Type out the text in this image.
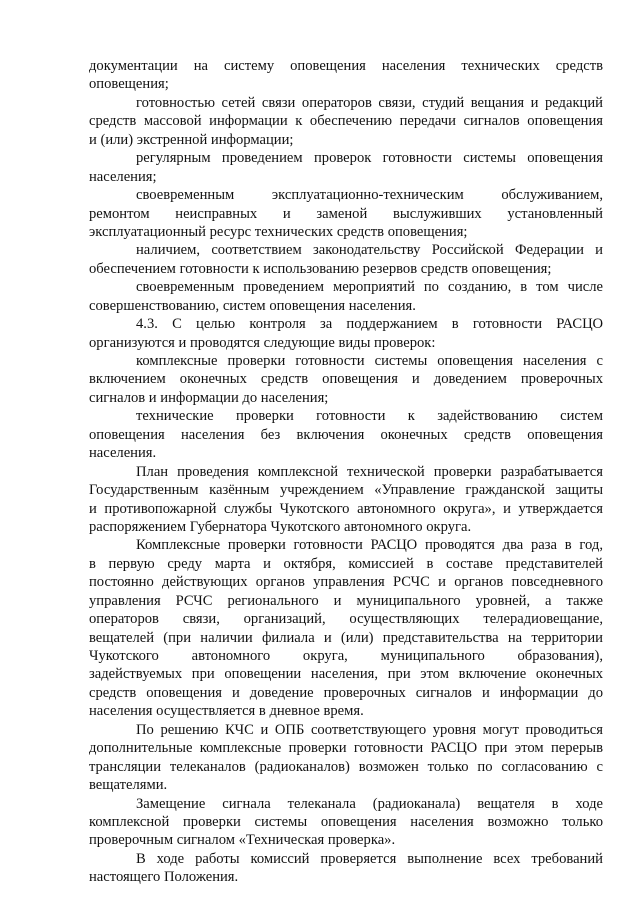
документации на систему оповещения населения технических средств
оповещения;
готовностью сетей связи операторов связи, студий вещания и редакций
средств массовой информации к обеспечению передачи сигналов оповещения
и (или) экстренной информации;
регулярным проведением проверок готовности системы оповещения
населения;
своевременным эксплуатационно-техническим обслуживанием,
ремонтом неисправных и заменой выслуживших установленный
эксплуатационный ресурс технических средств оповещения;
наличием, соответствием законодательству Российской Федерации и
обеспечением готовности к использованию резервов средств оповещения;
своевременным проведением мероприятий по созданию, в том числе
совершенствованию, систем оповещения населения.
4.3. С целью контроля за поддержанием в готовности РАСЦО
организуются и проводятся следующие виды проверок:
комплексные проверки готовности системы оповещения населения с
включением оконечных средств оповещения и доведением проверочных
сигналов и информации до населения;
технические проверки готовности к задействованию систем
оповещения населения без включения оконечных средств оповещения
населения.
План проведения комплексной технической проверки разрабатывается
Государственным казённым учреждением «Управление гражданской защиты
и противопожарной службы Чукотского автономного округа», и утверждается
распоряжением Губернатора Чукотского автономного округа.
Комплексные проверки готовности РАСЦО проводятся два раза в год,
в первую среду марта и октября, комиссией в составе представителей
постоянно действующих органов управления РСЧС и органов повседневного
управления РСЧС регионального и муниципального уровней, а также
операторов связи, организаций, осуществляющих телерадиовещание,
вещателей (при наличии филиала и (или) представительства на территории
Чукотского автономного округа, муниципального образования),
задействуемых при оповещении населения, при этом включение оконечных
средств оповещения и доведение проверочных сигналов и информации до
населения осуществляется в дневное время.
По решению КЧС и ОПБ соответствующего уровня могут проводиться
дополнительные комплексные проверки готовности РАСЦО при этом перерыв
трансляции телеканалов (радиоканалов) возможен только по согласованию с
вещателями.
Замещение сигнала телеканала (радиоканала) вещателя в ходе
комплексной проверки системы оповещения населения возможно только
проверочным сигналом «Техническая проверка».
В ходе работы комиссий проверяется выполнение всех требований
настоящего Положения.
